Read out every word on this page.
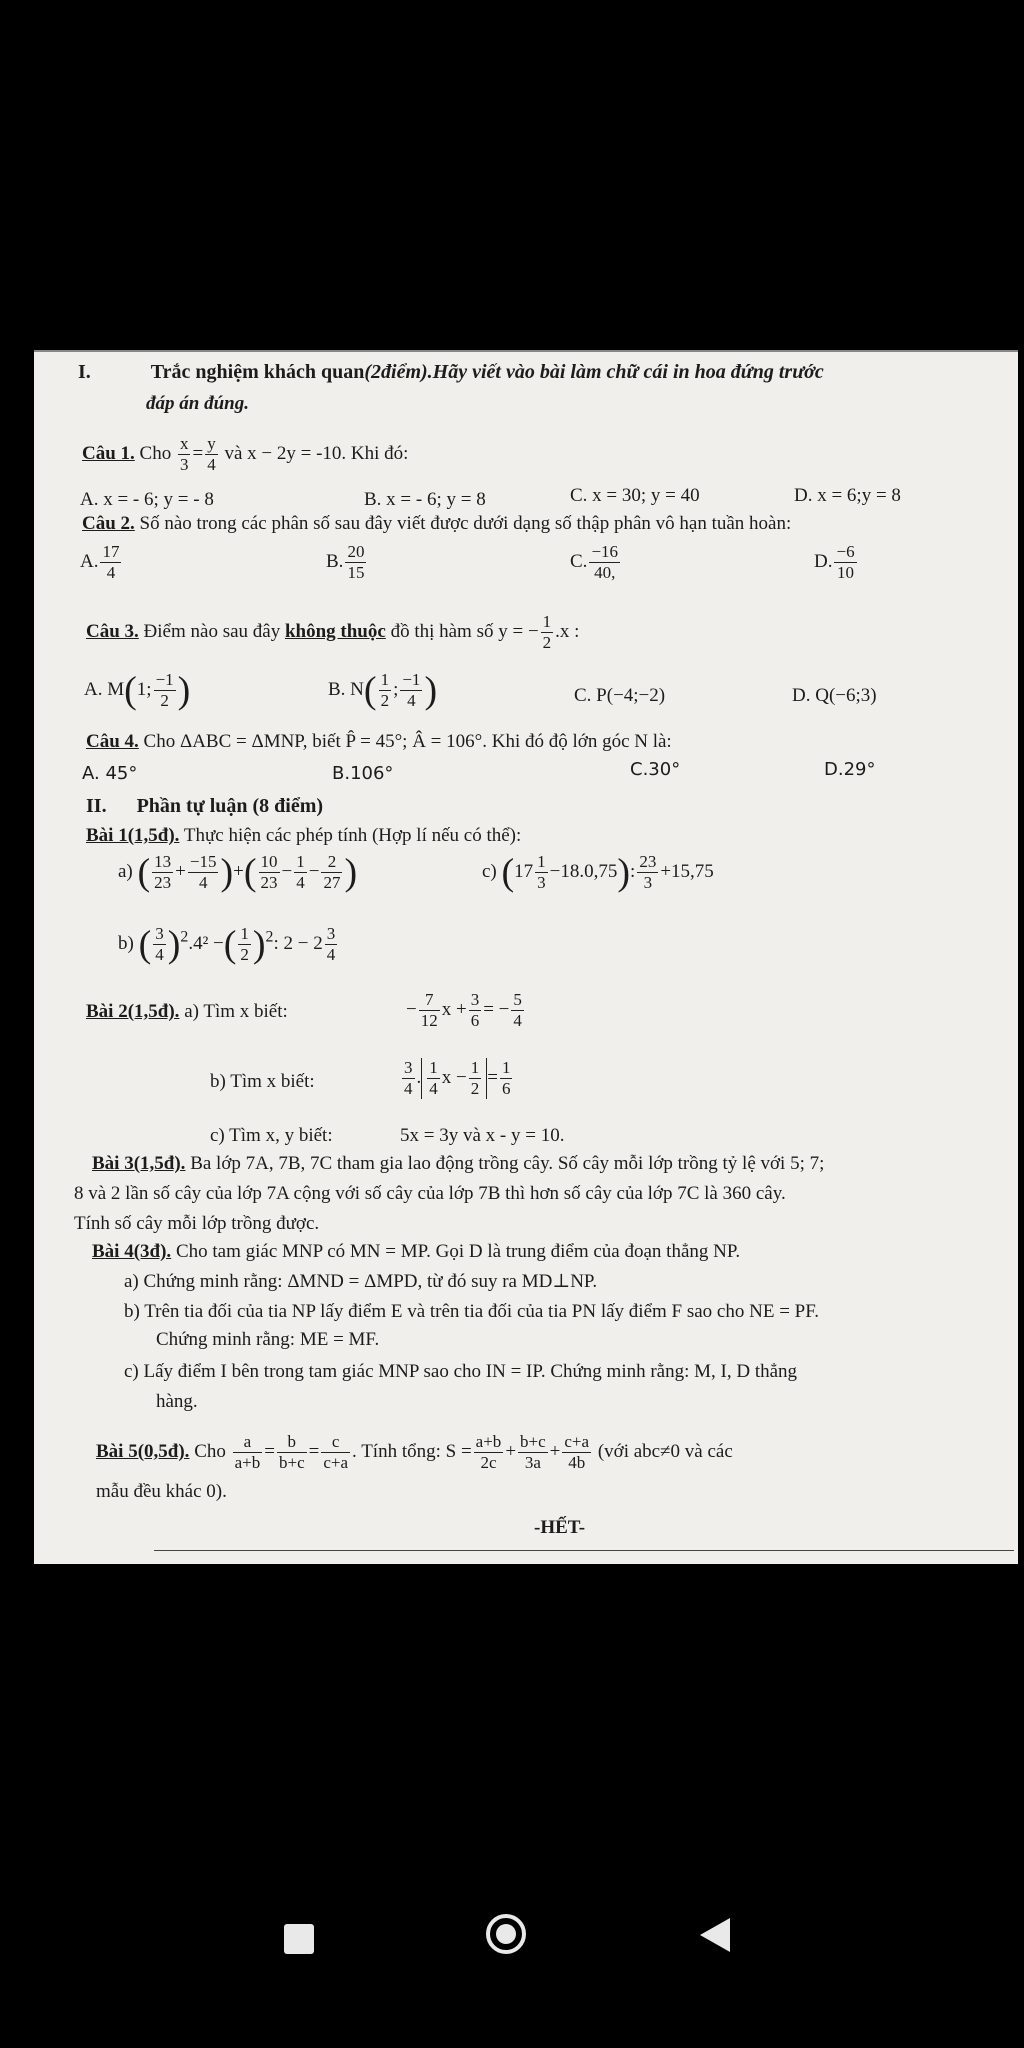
I.	Trắc nghiệm khách quan(2điểm).Hãy viết vào bài làm chữ cái in hoa đứng trước
đáp án đúng.
Câu 1. Cho $\frac{x}{3} = \frac{y}{4}$ và x − 2y = -10. Khi đó:
A. x = - 6; y = - 8	B. x = - 6; y = 8	C. x = 30; y = 40	D. x = 6;y = 8
Câu 2. Số nào trong các phân số sau đây viết được dưới dạng số thập phân vô hạn tuần hoàn:
A. $\frac{17}{4}$	B. $\frac{20}{15}$	C. $\frac{-16}{40,}$	D. $\frac{-6}{10}$
Câu 3. Điểm nào sau đây không thuộc đồ thị hàm số y = − $\frac{1}{2} .x$ :
A. M(1; $\frac{-1}{2}$ )	B. $N( \frac{1}{2}$ ; $\frac{-1}{4}$ )	C. P(−4;−2)	D. Q(−6;3)
Câu 4. Cho ΔABC = ΔMNP, biết P̂ = 45°; Â = 106°. Khi đó độ lớn góc N là:
A. 45°	B.106°	C.30°	D.29°
II. Phần tự luận (8 điểm)
Bài 1(1,5đ). Thực hiện các phép tính (Hợp lí nếu có thể):
a) ( $\frac{13}{23} + \frac{-15}{4}$ )+( $\frac{10}{23} - \frac{1}{4} - \frac{2}{27}$ )	c) $(17 \frac{1}{3} -18.0,75)$: $\frac{23}{3} +15,75$
b) ( $\frac{3}{4} )^2.4^2$ −( $\frac{1}{2} )^2$: $2 - 2 \frac{3}{4}$
Bài 2(1,5đ). a) Tìm x biết:	− $\frac{7}{12}$ $x + \frac{3}{6}$ = − $\frac{5}{4}$
b) Tìm x biết:	$\frac{3}{4}$ . $\frac{1}{4}$ $x - \frac{1}{2} = \frac{1}{6}$
c) Tìm x, y biết:	5x = 3y và x - y = 10.
Bài 3(1,5đ). Ba lớp 7A, 7B, 7C tham gia lao động trồng cây. Số cây mỗi lớp trồng tỷ lệ với 5; 7;
8 và 2 lần số cây của lớp 7A cộng với số cây của lớp 7B thì hơn số cây của lớp 7C là 360 cây.
Tính số cây mỗi lớp trồng được.
Bài 4(3đ). Cho tam giác MNP có MN = MP. Gọi D là trung điểm của đoạn thẳng NP.
a) Chứng minh rằng: ΔMND = ΔMPD, từ đó suy ra MD⊥NP.
b) Trên tia đối của tia NP lấy điểm E và trên tia đối của tia PN lấy điểm F sao cho NE = PF.
Chứng minh rằng: ME = MF.
c) Lấy điểm I bên trong tam giác MNP sao cho IN = IP. Chứng minh rằng: M, I, D thẳng
hàng.
Bài 5(0,5đ). Cho $\frac{a}{a+b} = \frac{b}{b+c} = \frac{c}{c+a}$ . Tính tổng: $S = \frac{a+b}{2c} + \frac{b+c}{3a} + \frac{c+a}{4b}$ (với abc≠0 và các
mẫu đều khác 0).
-HẾT-
